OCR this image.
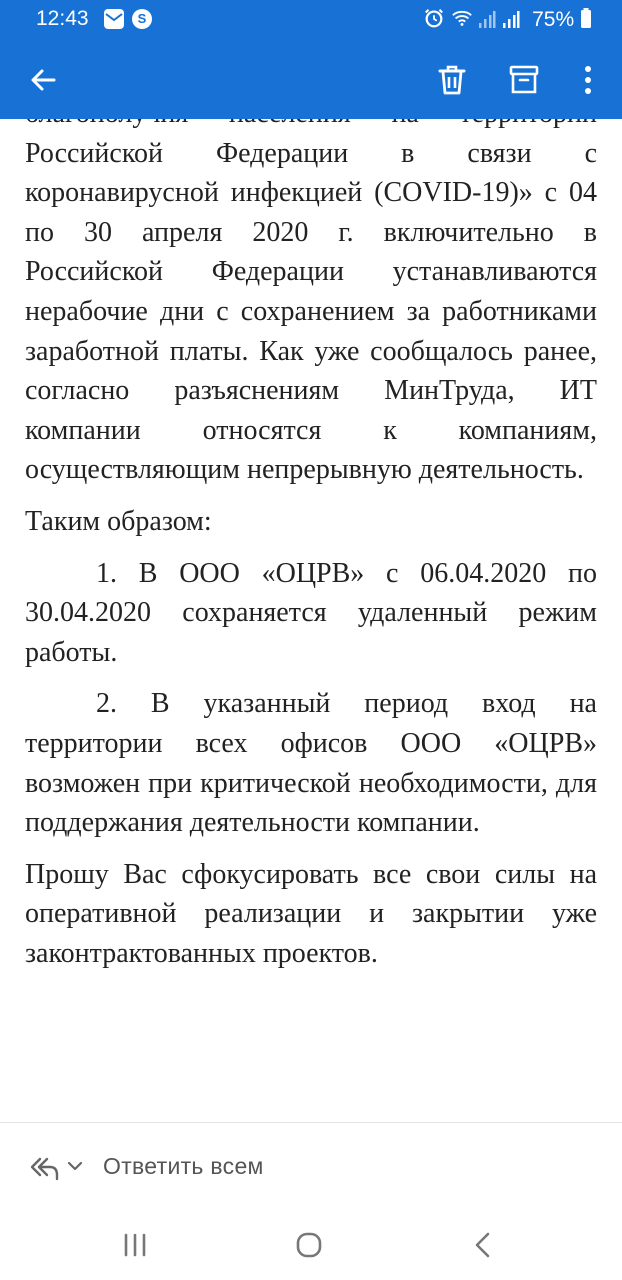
Российской Федерации в связи с коронавирусной инфекцией (COVID-19)» с 04 по 30 апреля 2020 г. включительно в Российской Федерации устанавливаются нерабочие дни с сохранением за работниками заработной платы. Как уже сообщалось ранее, согласно разъяснениям МинТруда, ИТ компании относятся к компаниям, осуществляющим непрерывную деятельность.

Таким образом:

1. В ООО «ОЦРВ» с 06.04.2020 по 30.04.2020 сохраняется удаленный режим работы.

2. В указанный период вход на территории всех офисов ООО «ОЦРВ» возможен при критической необходимости, для поддержания деятельности компании.

Прошу Вас сфокусировать все свои силы на оперативной реализации и закрытии уже законтрактованных проектов.

12:43	S	75%
Ответить всем
